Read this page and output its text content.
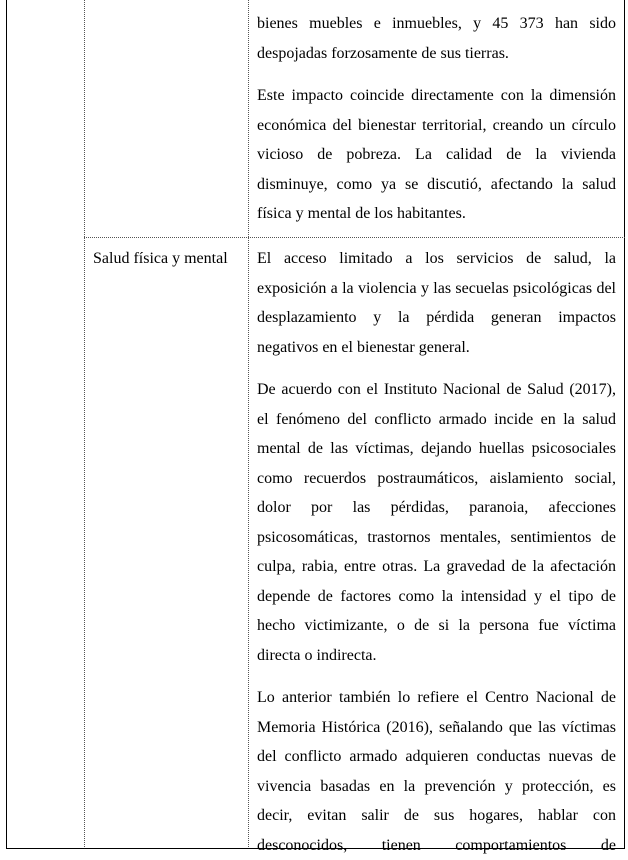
bienes muebles e inmuebles, y 45 373 han sido despojadas forzosamente de sus tierras.

Este impacto coincide directamente con la dimensión económica del bienestar territorial, creando un círculo vicioso de pobreza. La calidad de la vivienda disminuye, como ya se discutió, afectando la salud física y mental de los habitantes.

Salud física y mental El acceso limitado a los servicios de salud, la exposición a la violencia y las secuelas psicológicas del desplazamiento y la pérdida generan impactos negativos en el bienestar general.

De acuerdo con el Instituto Nacional de Salud (2017), el fenómeno del conflicto armado incide en la salud mental de las víctimas, dejando huellas psicosociales como recuerdos postraumáticos, aislamiento social, dolor por las pérdidas, paranoia, afecciones psicosomáticas, trastornos mentales, sentimientos de culpa, rabia, entre otras. La gravedad de la afectación depende de factores como la intensidad y el tipo de hecho victimizante, o de si la persona fue víctima directa o indirecta.

Lo anterior también lo refiere el Centro Nacional de Memoria Histórica (2016), señalando que las víctimas del conflicto armado adquieren conductas nuevas de vivencia basadas en la prevención y protección, es decir, evitan salir de sus hogares, hablar con desconocidos, tienen comportamientos de
